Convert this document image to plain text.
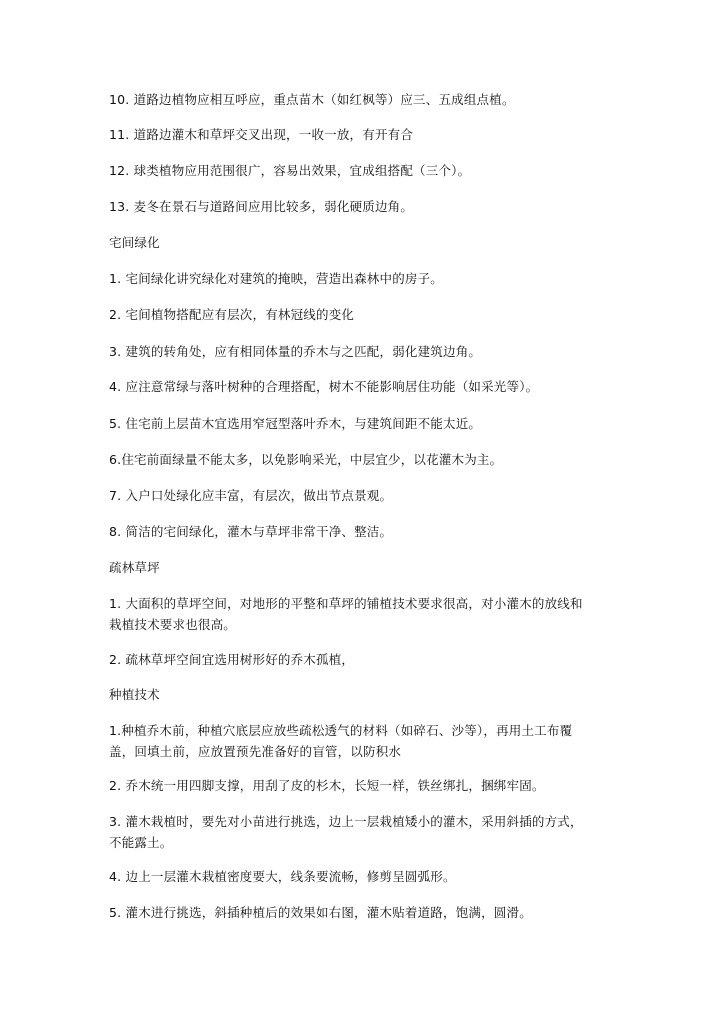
10. 道路边植物应相互呼应，重点苗木（如红枫等）应三、五成组点植。
11. 道路边灌木和草坪交叉出现，一收一放，有开有合
12. 球类植物应用范围很广，容易出效果，宜成组搭配（三个）。
13. 麦冬在景石与道路间应用比较多，弱化硬质边角。
宅间绿化
1. 宅间绿化讲究绿化对建筑的掩映，营造出森林中的房子。
2. 宅间植物搭配应有层次，有林冠线的变化
3. 建筑的转角处，应有相同体量的乔木与之匹配，弱化建筑边角。
4. 应注意常绿与落叶树种的合理搭配，树木不能影响居住功能（如采光等）。
5. 住宅前上层苗木宜选用窄冠型落叶乔木，与建筑间距不能太近。
6.住宅前面绿量不能太多，以免影响采光，中层宜少，以花灌木为主。
7. 入户口处绿化应丰富，有层次，做出节点景观。
8. 简洁的宅间绿化，灌木与草坪非常干净、整洁。
疏林草坪
1. 大面积的草坪空间，对地形的平整和草坪的铺植技术要求很高，对小灌木的放线和栽植技术要求也很高。
2. 疏林草坪空间宜选用树形好的乔木孤植，
种植技术
1.种植乔木前，种植穴底层应放些疏松透气的材料（如碎石、沙等），再用土工布覆盖，回填土前，应放置预先准备好的盲管，以防积水
2. 乔木统一用四脚支撑，用刮了皮的杉木，长短一样，铁丝绑扎，捆绑牢固。
3. 灌木栽植时，要先对小苗进行挑选，边上一层栽植矮小的灌木，采用斜插的方式，不能露土。
4. 边上一层灌木栽植密度要大，线条要流畅，修剪呈圆弧形。
5. 灌木进行挑选，斜插种植后的效果如右图，灌木贴着道路，饱满，圆滑。
